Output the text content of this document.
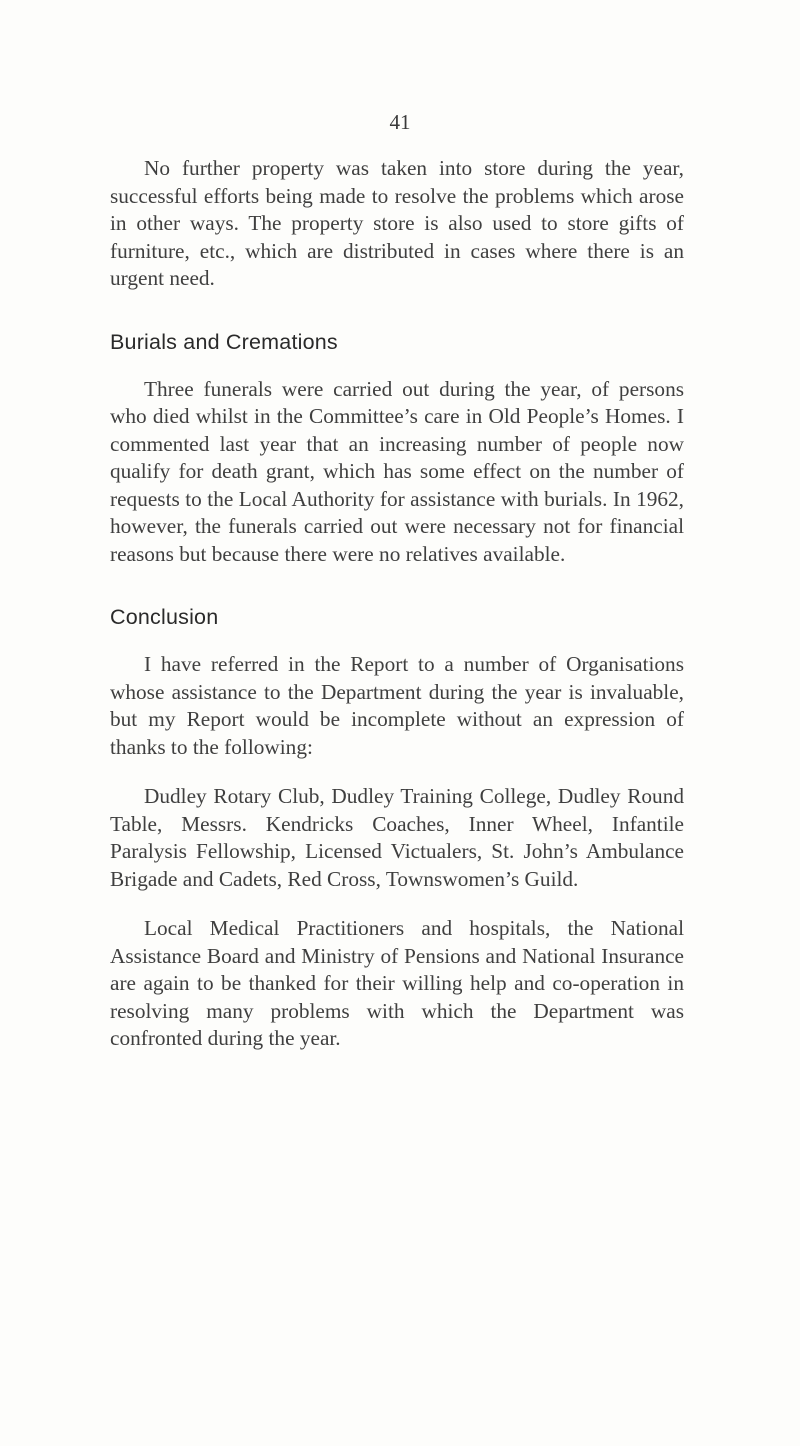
41

No further property was taken into store during the year, successful efforts being made to resolve the problems which arose in other ways. The property store is also used to store gifts of furniture, etc., which are distributed in cases where there is an urgent need.

Burials and Cremations

Three funerals were carried out during the year, of persons who died whilst in the Committee’s care in Old People’s Homes. I commented last year that an increasing number of people now qualify for death grant, which has some effect on the number of requests to the Local Authority for assistance with burials. In 1962, however, the funerals carried out were necessary not for financial reasons but because there were no relatives available.

Conclusion

I have referred in the Report to a number of Organisations whose assistance to the Department during the year is invaluable, but my Report would be incomplete without an expression of thanks to the following:

Dudley Rotary Club, Dudley Training College, Dudley Round Table, Messrs. Kendricks Coaches, Inner Wheel, Infantile Paralysis Fellowship, Licensed Victualers, St. John’s Ambulance Brigade and Cadets, Red Cross, Townswomen’s Guild.

Local Medical Practitioners and hospitals, the National Assistance Board and Ministry of Pensions and National Insurance are again to be thanked for their willing help and co-operation in resolving many problems with which the Department was confronted during the year.
